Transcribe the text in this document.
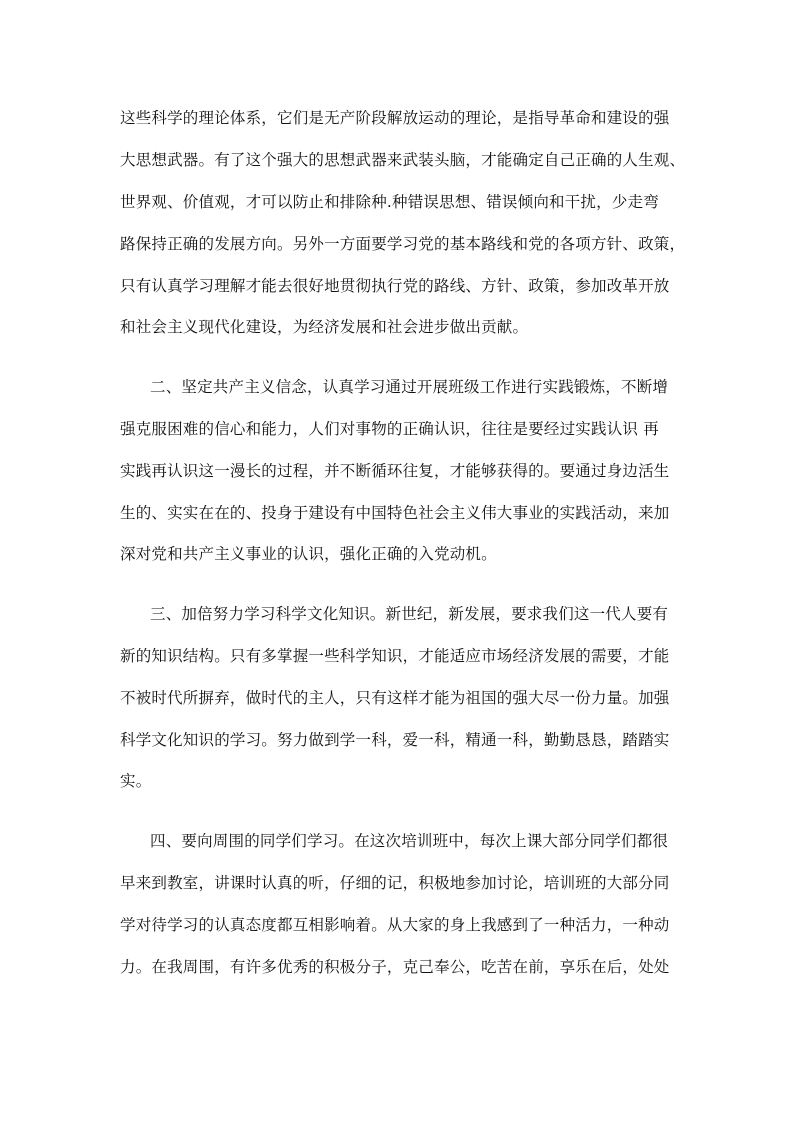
这些科学的理论体系，它们是无产阶段解放运动的理论，是指导革命和建设的强
大思想武器。有了这个强大的思想武器来武装头脑，才能确定自己正确的人生观、
世界观、价值观，才可以防止和排除种.种错误思想、错误倾向和干扰，少走弯
路保持正确的发展方向。另外一方面要学习党的基本路线和党的各项方针、政策，
只有认真学习理解才能去很好地贯彻执行党的路线、方针、政策，参加改革开放
和社会主义现代化建设，为经济发展和社会进步做出贡献。
二、坚定共产主义信念，认真学习通过开展班级工作进行实践锻炼，不断增
强克服困难的信心和能力，人们对事物的正确认识，往往是要经过实践认识 再
实践再认识这一漫长的过程，并不断循环往复，才能够获得的。要通过身边活生
生的、实实在在的、投身于建设有中国特色社会主义伟大事业的实践活动，来加
深对党和共产主义事业的认识，强化正确的入党动机。
三、加倍努力学习科学文化知识。新世纪，新发展，要求我们这一代人要有
新的知识结构。只有多掌握一些科学知识，才能适应市场经济发展的需要，才能
不被时代所摒弃，做时代的主人，只有这样才能为祖国的强大尽一份力量。加强
科学文化知识的学习。努力做到学一科，爱一科，精通一科，勤勤恳恳，踏踏实
实。
四、要向周围的同学们学习。在这次培训班中，每次上课大部分同学们都很
早来到教室，讲课时认真的听，仔细的记，积极地参加讨论，培训班的大部分同
学对待学习的认真态度都互相影响着。从大家的身上我感到了一种活力，一种动
力。在我周围，有许多优秀的积极分子，克己奉公，吃苦在前，享乐在后，处处
